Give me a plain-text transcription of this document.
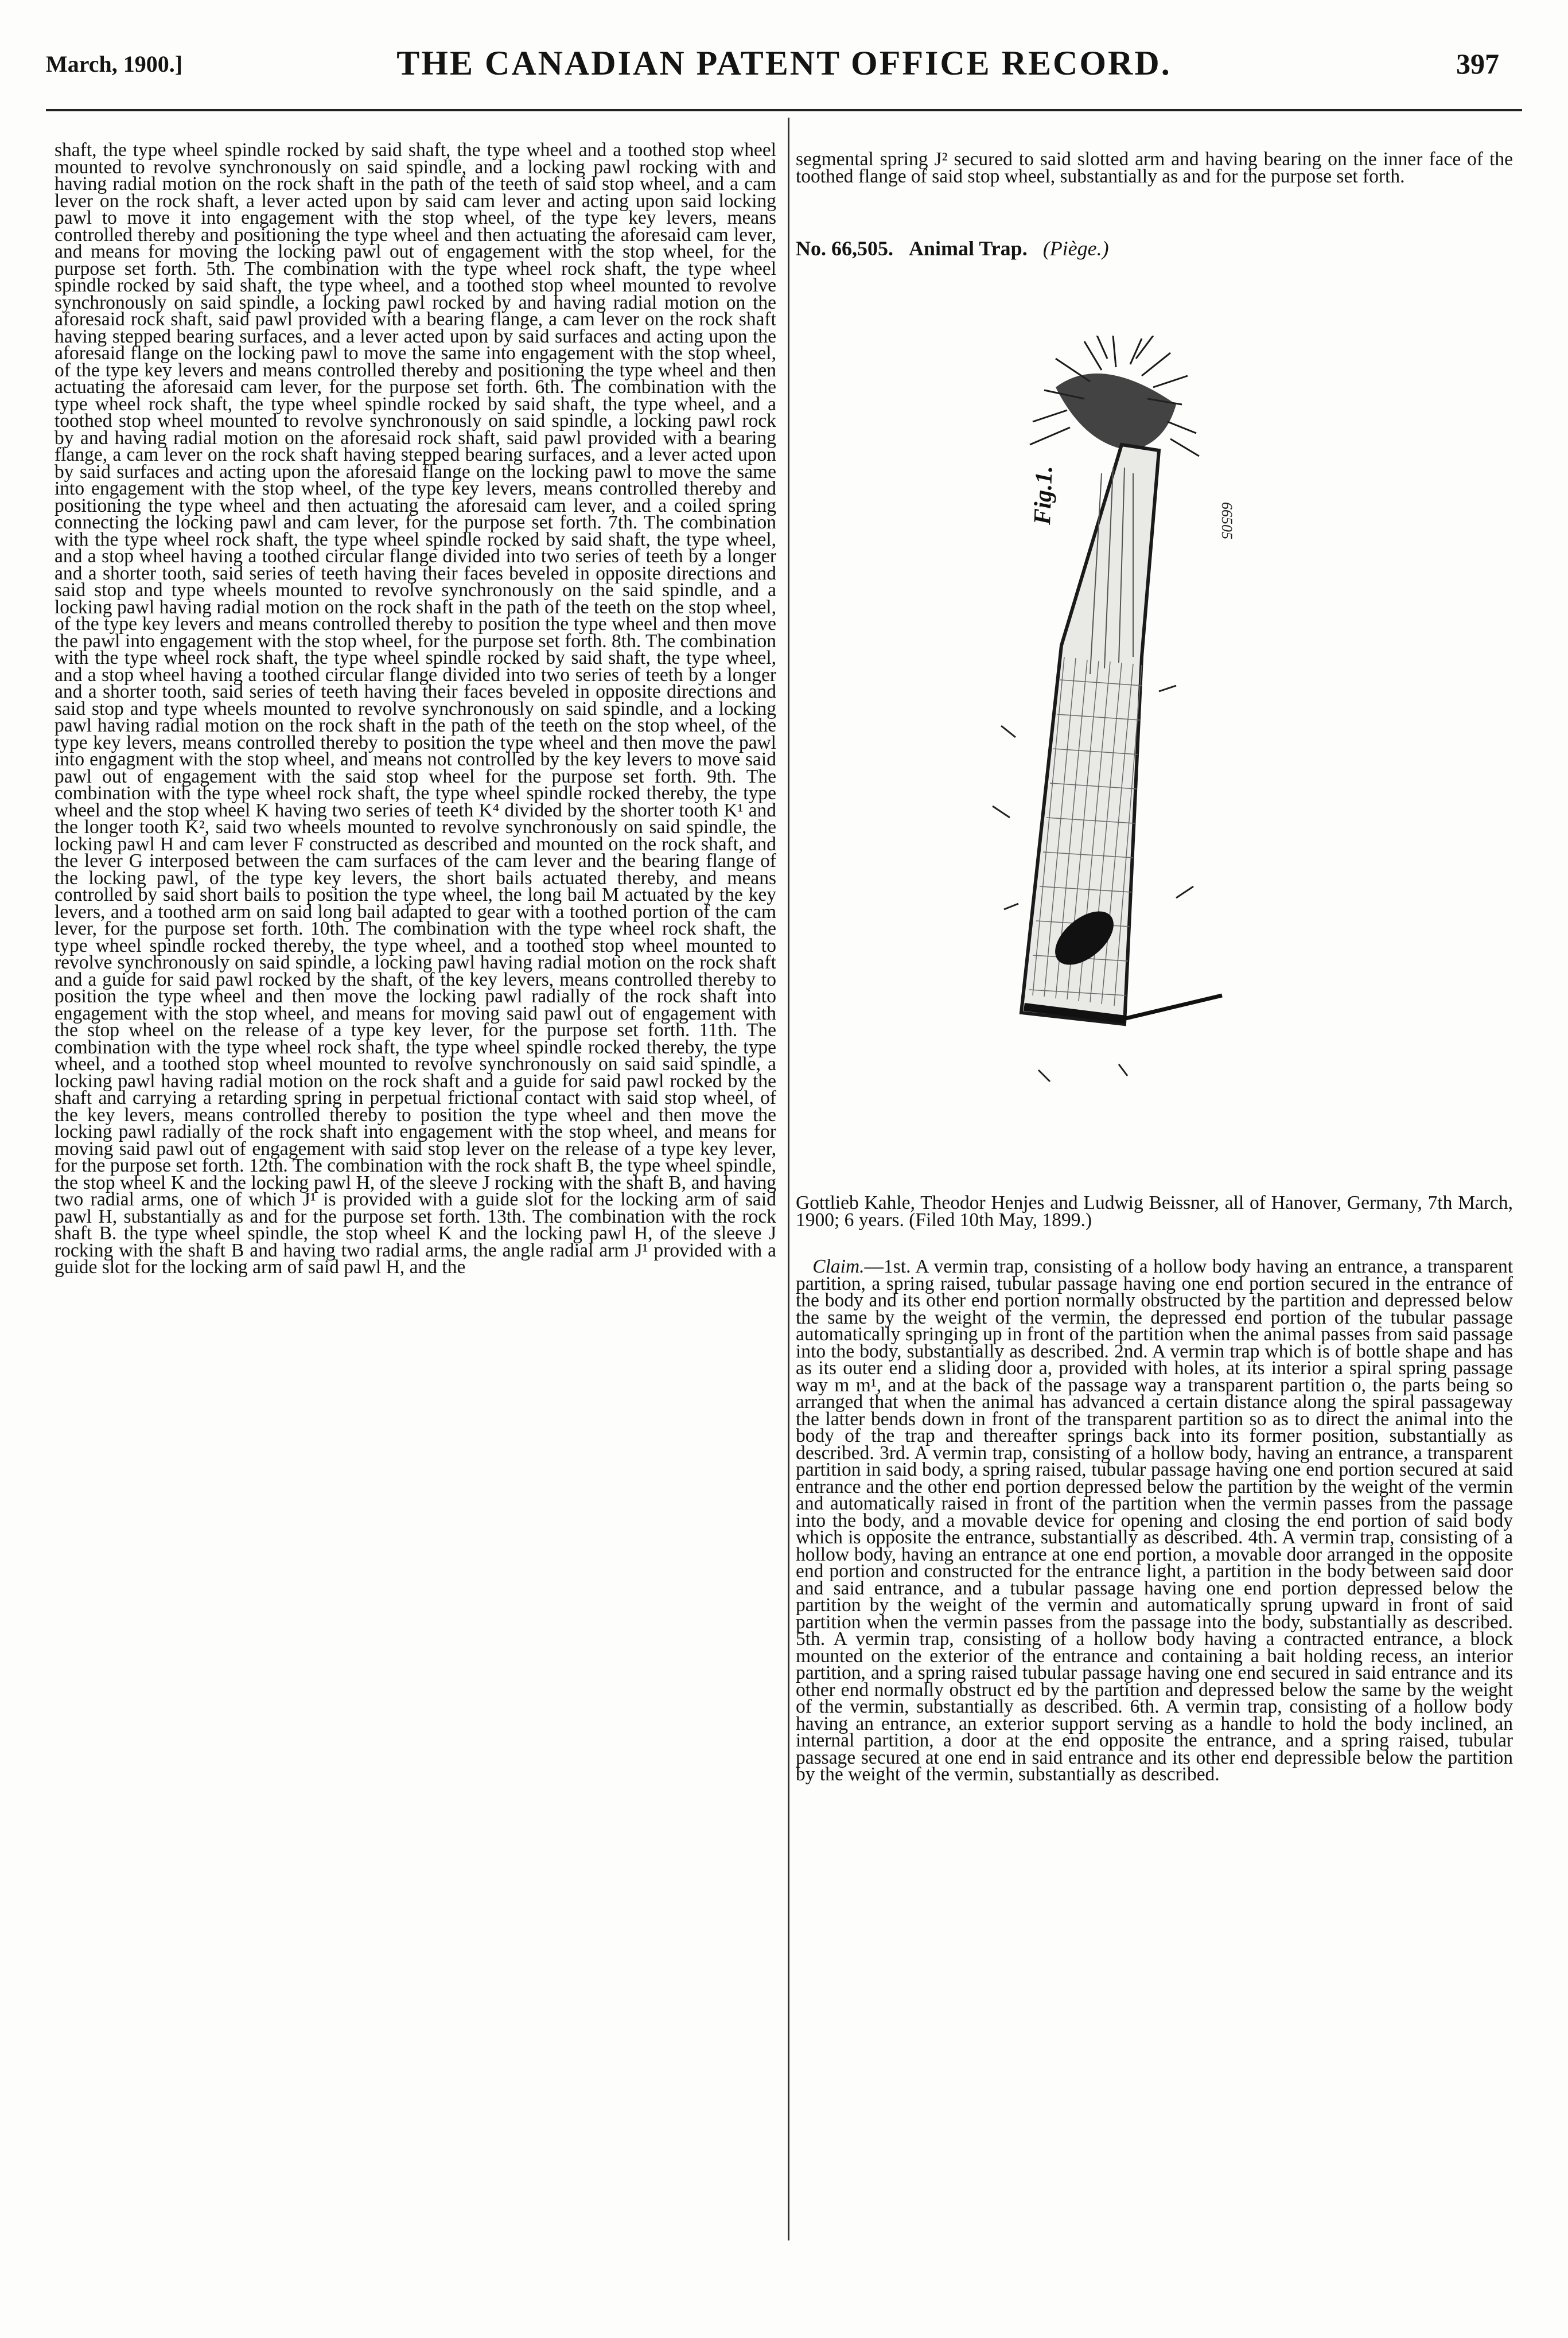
March, 1900.]	THE CANADIAN PATENT OFFICE RECORD.	397

shaft, the type wheel spindle rocked by said shaft, the type wheel and a toothed stop wheel mounted to revolve synchronously on said spindle, and a locking pawl rocking with and having radial motion on the rock shaft in the path of the teeth of said stop wheel, and a cam lever on the rock shaft, a lever acted upon by said cam lever and acting upon said locking pawl to move it into engagement with the stop wheel, of the type key levers, means controlled thereby and positioning the type wheel and then actuating the aforesaid cam lever, and means for moving the locking pawl out of engagement with the stop wheel, for the purpose set forth. 5th. The combination with the type wheel rock shaft, the type wheel spindle rocked by said shaft, the type wheel, and a toothed stop wheel mounted to revolve synchronously on said spindle, a locking pawl rocked by and having radial motion on the aforesaid rock shaft, said pawl provided with a bearing flange, a cam lever on the rock shaft having stepped bearing surfaces, and a lever acted upon by said surfaces and acting upon the aforesaid flange on the locking pawl to move the same into engagement with the stop wheel, of the type key levers and means controlled thereby and positioning the type wheel and then actuating the aforesaid cam lever, for the purpose set forth. 6th. The combination with the type wheel rock shaft, the type wheel spindle rocked by said shaft, the type wheel, and a toothed stop wheel mounted to revolve synchronously on said spindle, a locking pawl rock by and having radial motion on the aforesaid rock shaft, said pawl provided with a bearing flange, a cam lever on the rock shaft having stepped bearing surfaces, and a lever acted upon by said surfaces and acting upon the aforesaid flange on the locking pawl to move the same into engagement with the stop wheel, of the type key levers, means controlled thereby and positioning the type wheel and then actuating the aforesaid cam lever, and a coiled spring connecting the locking pawl and cam lever, for the purpose set forth. 7th. The combination with the type wheel rock shaft, the type wheel spindle rocked by said shaft, the type wheel, and a stop wheel having a toothed circular flange divided into two series of teeth by a longer and a shorter tooth, said series of teeth having their faces beveled in opposite directions and said stop and type wheels mounted to revolve synchronously on the said spindle, and a locking pawl having radial motion on the rock shaft in the path of the teeth on the stop wheel, of the type key levers and means controlled thereby to position the type wheel and then move the pawl into engagement with the stop wheel, for the purpose set forth. 8th. The combination with the type wheel rock shaft, the type wheel spindle rocked by said shaft, the type wheel, and a stop wheel having a toothed circular flange divided into two series of teeth by a longer and a shorter tooth, said series of teeth having their faces beveled in opposite directions and said stop and type wheels mounted to revolve synchronously on said spindle, and a locking pawl having radial motion on the rock shaft in the path of the teeth on the stop wheel, of the type key levers, means controlled thereby to position the type wheel and then move the pawl into engagment with the stop wheel, and means not controlled by the key levers to move said pawl out of engagement with the said stop wheel for the purpose set forth. 9th. The combination with the type wheel rock shaft, the type wheel spindle rocked thereby, the type wheel and the stop wheel K having two series of teeth K⁴ divided by the shorter tooth K¹ and the longer tooth K², said two wheels mounted to revolve synchronously on said spindle, the locking pawl H and cam lever F constructed as described and mounted on the rock shaft, and the lever G interposed between the cam surfaces of the cam lever and the bearing flange of the locking pawl, of the type key levers, the short bails actuated thereby, and means controlled by said short bails to position the type wheel, the long bail M actuated by the key levers, and a toothed arm on said long bail adapted to gear with a toothed portion of the cam lever, for the purpose set forth. 10th. The combination with the type wheel rock shaft, the type wheel spindle rocked thereby, the type wheel, and a toothed stop wheel mounted to revolve synchronously on said spindle, a locking pawl having radial motion on the rock shaft and a guide for said pawl rocked by the shaft, of the key levers, means controlled thereby to position the type wheel and then move the locking pawl radially of the rock shaft into engagement with the stop wheel, and means for moving said pawl out of engagement with the stop wheel on the release of a type key lever, for the purpose set forth. 11th. The combination with the type wheel rock shaft, the type wheel spindle rocked thereby, the type wheel, and a toothed stop wheel mounted to revolve synchronously on said said spindle, a locking pawl having radial motion on the rock shaft and a guide for said pawl rocked by the shaft and carrying a retarding spring in perpetual frictional contact with said stop wheel, of the key levers, means controlled thereby to position the type wheel and then move the locking pawl radially of the rock shaft into engagement with the stop wheel, and means for moving said pawl out of engagement with said stop lever on the release of a type key lever, for the purpose set forth. 12th. The combination with the rock shaft B, the type wheel spindle, the stop wheel K and the locking pawl H, of the sleeve J rocking with the shaft B, and having two radial arms, one of which J¹ is provided with a guide slot for the locking arm of said pawl H, substantially as and for the purpose set forth. 13th. The combination with the rock shaft B. the type wheel spindle, the stop wheel K and the locking pawl H, of the sleeve J rocking with the shaft B and having two radial arms, the angle radial arm J¹ provided with a guide slot for the locking arm of said pawl H, and the

segmental spring J² secured to said slotted arm and having bearing on the inner face of the toothed flange of said stop wheel, substantially as and for the purpose set forth.

No. 66,505. Animal Trap. (Piège.)
Fig.1.	66505

Gottlieb Kahle, Theodor Henjes and Ludwig Beissner, all of Hanover, Germany, 7th March, 1900; 6 years. (Filed 10th May, 1899.)

Claim.—1st. A vermin trap, consisting of a hollow body having an entrance, a transparent partition, a spring raised, tubular passage having one end portion secured in the entrance of the body and its other end portion normally obstructed by the partition and depressed below the same by the weight of the vermin, the depressed end portion of the tubular passage automatically springing up in front of the partition when the animal passes from said passage into the body, substantially as described. 2nd. A vermin trap which is of bottle shape and has as its outer end a sliding door a, provided with holes, at its interior a spiral spring passage way m m¹, and at the back of the passage way a transparent partition o, the parts being so arranged that when the animal has advanced a certain distance along the spiral passageway the latter bends down in front of the transparent partition so as to direct the animal into the body of the trap and thereafter springs back into its former position, substantially as described. 3rd. A vermin trap, consisting of a hollow body, having an entrance, a transparent partition in said body, a spring raised, tubular passage having one end portion secured at said entrance and the other end portion depressed below the partition by the weight of the vermin and automatically raised in front of the partition when the vermin passes from the passage into the body, and a movable device for opening and closing the end portion of said body which is opposite the entrance, substantially as described. 4th. A vermin trap, consisting of a hollow body, having an entrance at one end portion, a movable door arranged in the opposite end portion and constructed for the entrance light, a partition in the body between said door and said entrance, and a tubular passage having one end portion depressed below the partition by the weight of the vermin and automatically sprung upward in front of said partition when the vermin passes from the passage into the body, substantially as described. 5th. A vermin trap, consisting of a hollow body having a contracted entrance, a block mounted on the exterior of the entrance and containing a bait holding recess, an interior partition, and a spring raised tubular passage having one end secured in said entrance and its other end normally obstruct ed by the partition and depressed below the same by the weight of the vermin, substantially as described. 6th. A vermin trap, consisting of a hollow body having an entrance, an exterior support serving as a handle to hold the body inclined, an internal partition, a door at the end opposite the entrance, and a spring raised, tubular passage secured at one end in said entrance and its other end depressible below the partition by the weight of the vermin, substantially as described.
